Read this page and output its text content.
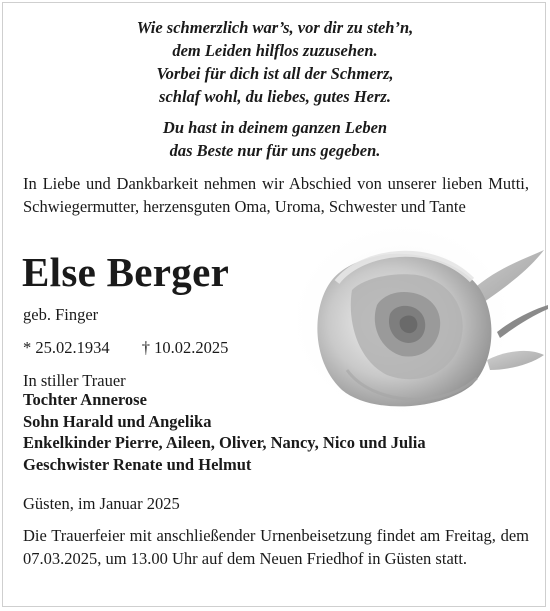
Wie schmerzlich war’s, vor dir zu steh’n,
dem Leiden hilflos zuzusehen.
Vorbei für dich ist all der Schmerz,
schlaf wohl, du liebes, gutes Herz.
Du hast in deinem ganzen Leben
das Beste nur für uns gegeben.
In Liebe und Dankbarkeit nehmen wir Abschied von unserer lieben Mutti, Schwiegermutter, herzensguten Oma, Uroma, Schwester und Tante
Else Berger
geb. Finger
* 25.02.1934 † 10.02.2025
In stiller Trauer
Tochter Annerose
Sohn Harald und Angelika
Enkelkinder Pierre, Aileen, Oliver, Nancy, Nico und Julia
Geschwister Renate und Helmut
Güsten, im Januar 2025
Die Trauerfeier mit anschließender Urnenbeisetzung findet am Freitag, dem 07.03.2025, um 13.00 Uhr auf dem Neuen Friedhof in Güsten statt.
